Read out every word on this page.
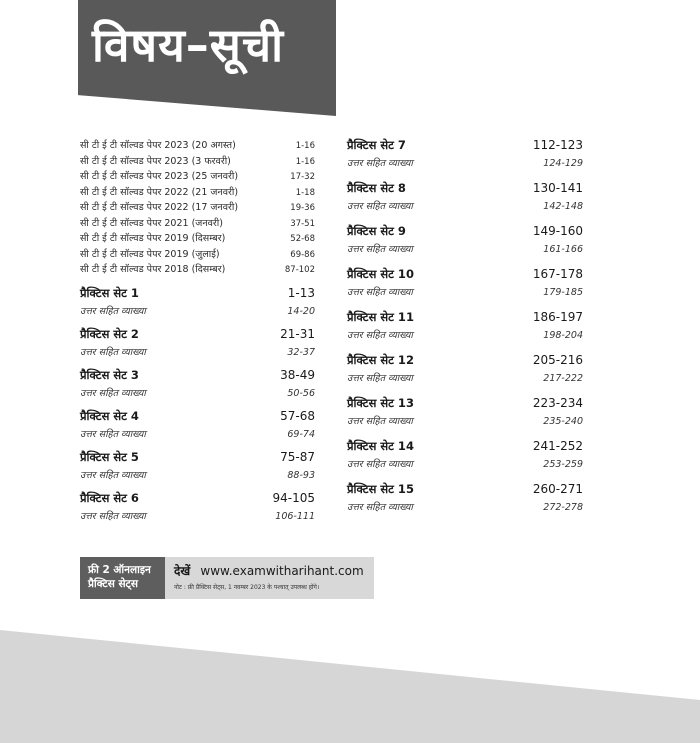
विषय–सूची
सी टी ई टी सॉल्वड पेपर 2023 (20 अगस्त)	1-16
सी टी ई टी सॉल्वड पेपर 2023 (3 फरवरी)	1-16
सी टी ई टी सॉल्वड पेपर 2023 (25 जनवरी)	17-32
सी टी ई टी सॉल्वड पेपर 2022 (21 जनवरी)	1-18
सी टी ई टी सॉल्वड पेपर 2022 (17 जनवरी)	19-36
सी टी ई टी सॉल्वड पेपर 2021 (जनवरी)	37-51
सी टी ई टी सॉल्वड पेपर 2019 (दिसम्बर)	52-68
सी टी ई टी सॉल्वड पेपर 2019 (जुलाई)	69-86
सी टी ई टी सॉल्वड पेपर 2018 (दिसम्बर)	87-102
प्रैक्टिस सेट 1	1-13
उत्तर सहित व्याख्या	14-20
प्रैक्टिस सेट 2	21-31
उत्तर सहित व्याख्या	32-37
प्रैक्टिस सेट 3	38-49
उत्तर सहित व्याख्या	50-56
प्रैक्टिस सेट 4	57-68
उत्तर सहित व्याख्या	69-74
प्रैक्टिस सेट 5	75-87
उत्तर सहित व्याख्या	88-93
प्रैक्टिस सेट 6	94-105
उत्तर सहित व्याख्या	106-111
प्रैक्टिस सेट 7	112-123
उत्तर सहित व्याख्या	124-129
प्रैक्टिस सेट 8	130-141
उत्तर सहित व्याख्या	142-148
प्रैक्टिस सेट 9	149-160
उत्तर सहित व्याख्या	161-166
प्रैक्टिस सेट 10	167-178
उत्तर सहित व्याख्या	179-185
प्रैक्टिस सेट 11	186-197
उत्तर सहित व्याख्या	198-204
प्रैक्टिस सेट 12	205-216
उत्तर सहित व्याख्या	217-222
प्रैक्टिस सेट 13	223-234
उत्तर सहित व्याख्या	235-240
प्रैक्टिस सेट 14	241-252
उत्तर सहित व्याख्या	253-259
प्रैक्टिस सेट 15	260-271
उत्तर सहित व्याख्या	272-278
फ्री 2 ऑनलाइन
प्रैक्टिस सेट्स
देखें www.examwitharihant.com
नोट : फ्री प्रैक्टिस सेट्स, 1 नवम्बर 2023 के पश्चात् उपलब्ध होंगे।
